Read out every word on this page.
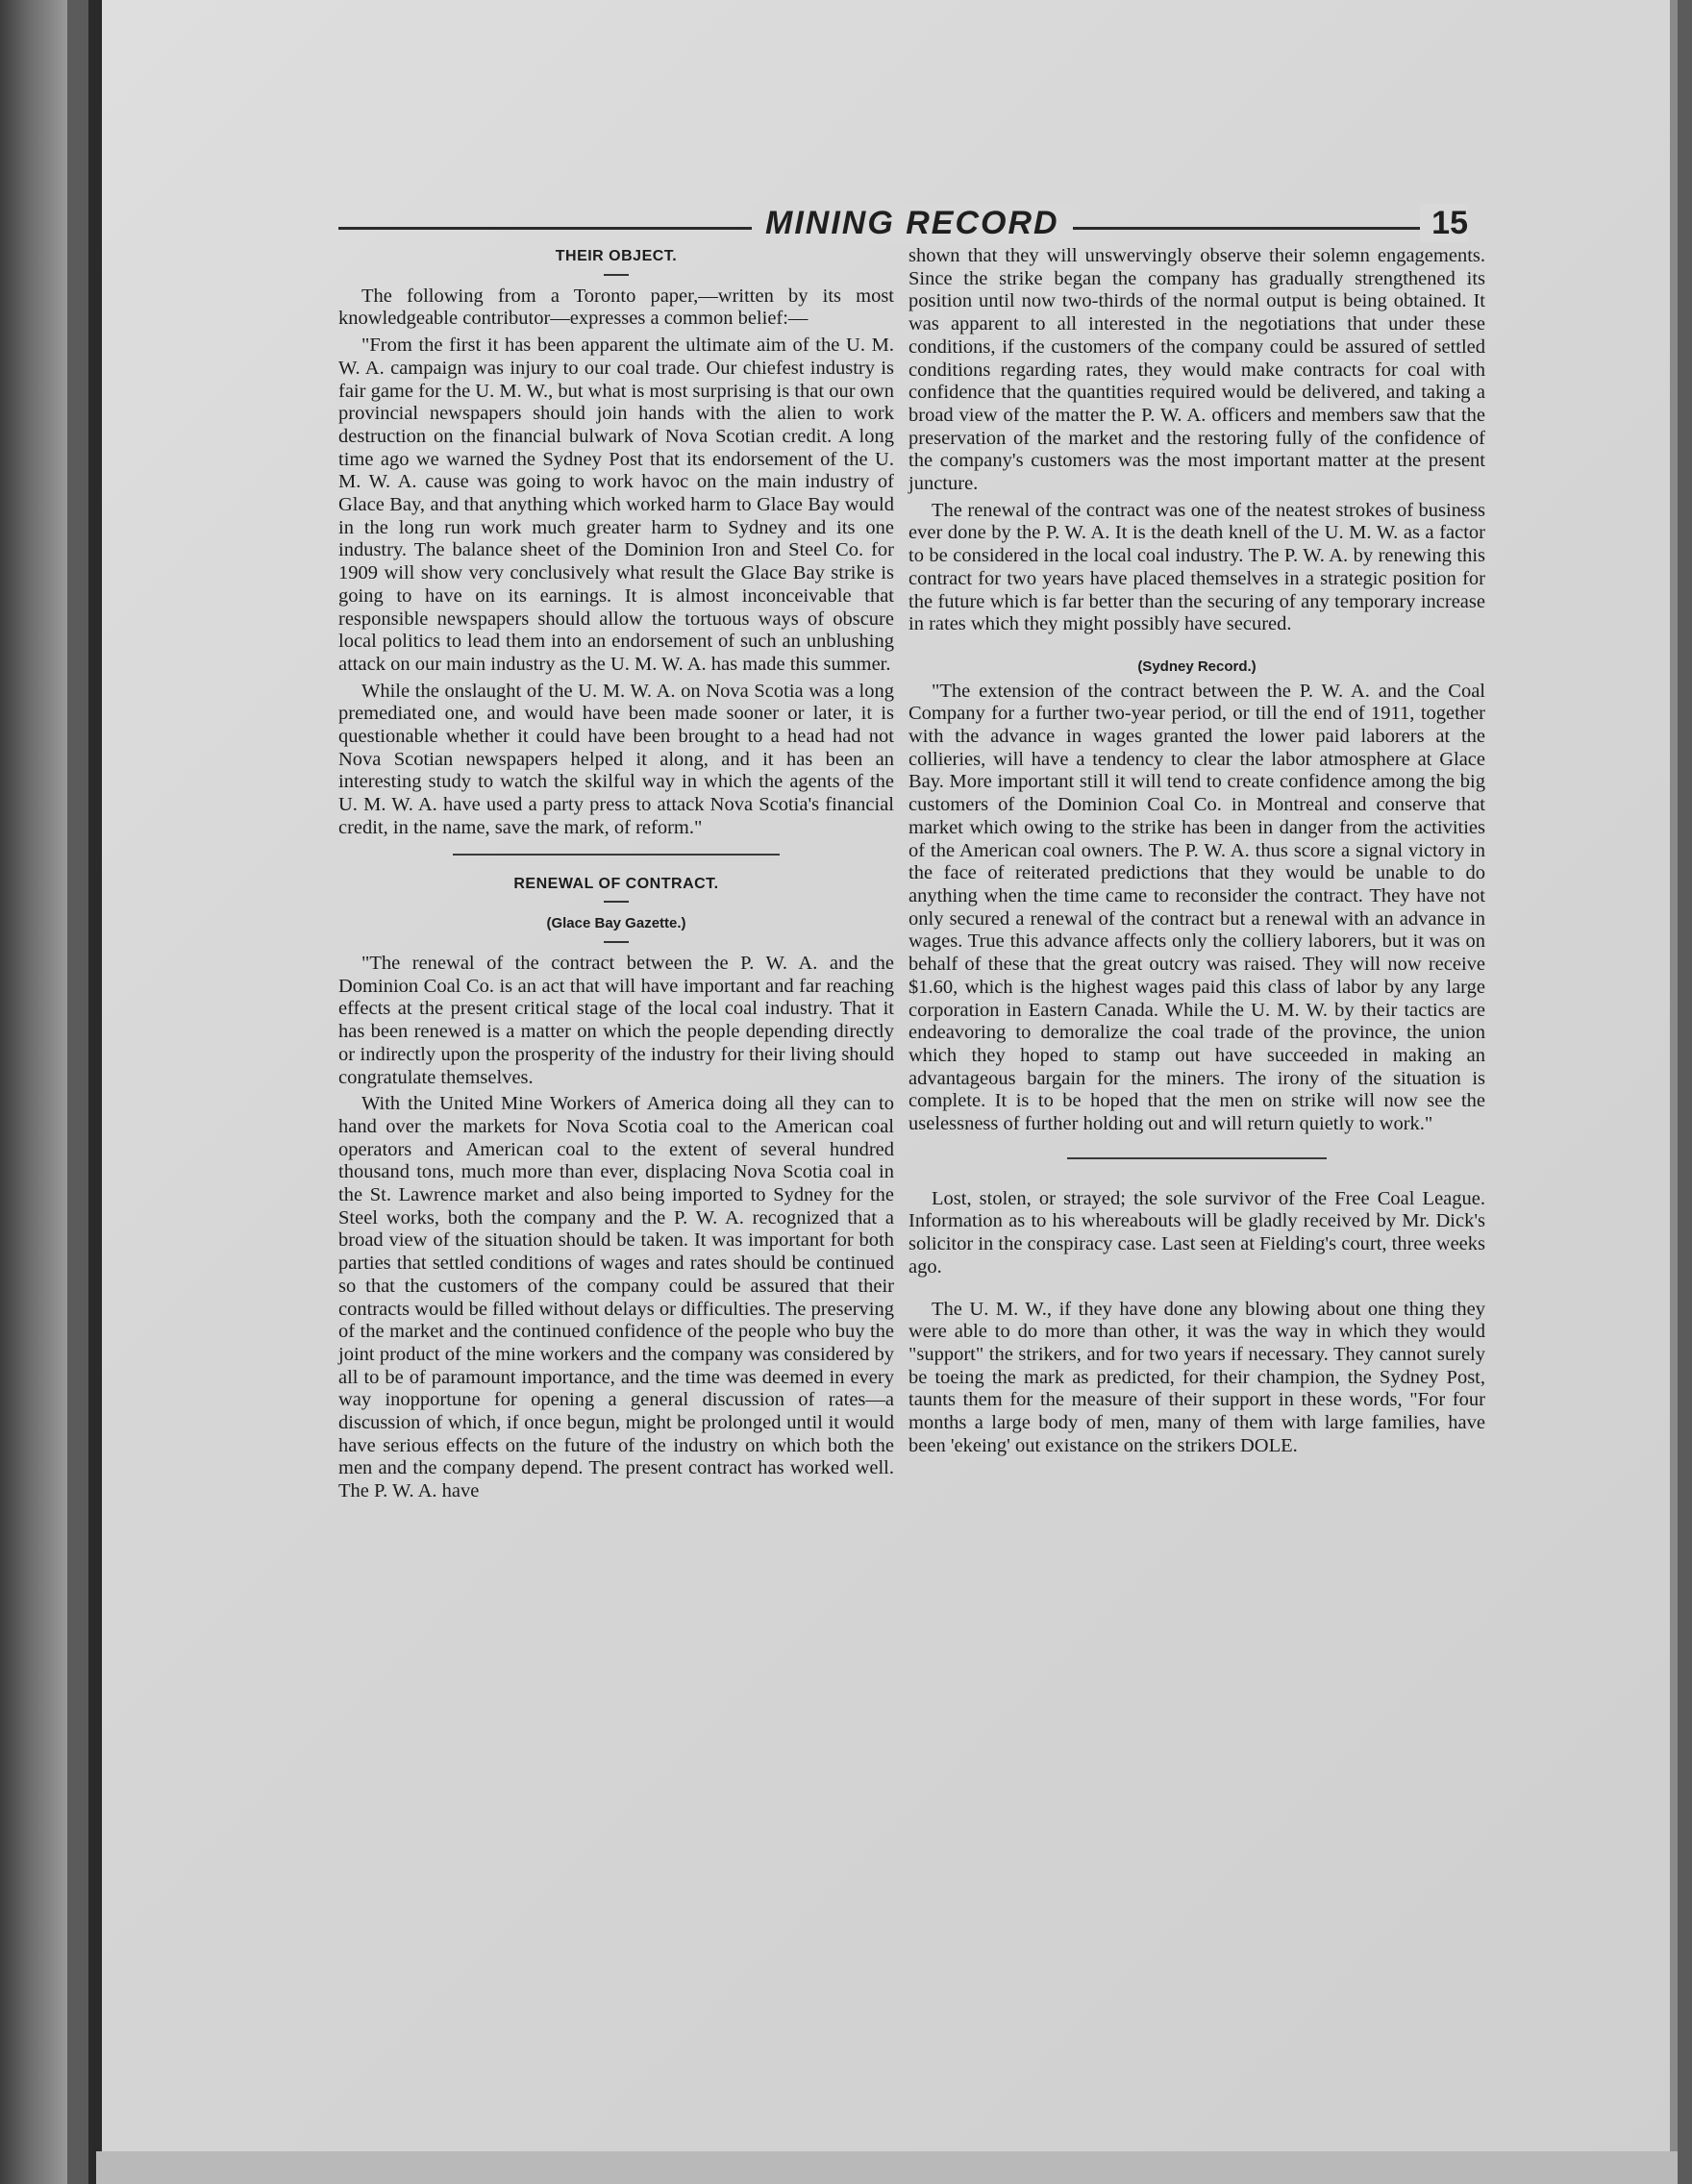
MINING RECORD	15
THEIR OBJECT.

The following from a Toronto paper,—written by its most knowledgeable contributor—expresses a common belief:—

"From the first it has been apparent the ultimate aim of the U. M. W. A. campaign was injury to our coal trade. Our chiefest industry is fair game for the U. M. W., but what is most surprising is that our own provincial newspapers should join hands with the alien to work destruction on the financial bulwark of Nova Scotian credit. A long time ago we warned the Sydney Post that its endorsement of the U. M. W. A. cause was going to work havoc on the main industry of Glace Bay, and that anything which worked harm to Glace Bay would in the long run work much greater harm to Sydney and its one industry. The balance sheet of the Dominion Iron and Steel Co. for 1909 will show very conclusively what result the Glace Bay strike is going to have on its earnings. It is almost inconceivable that responsible newspapers should allow the tortuous ways of obscure local politics to lead them into an endorsement of such an unblushing attack on our main industry as the U. M. W. A. has made this summer.

While the onslaught of the U. M. W. A. on Nova Scotia was a long premediated one, and would have been made sooner or later, it is questionable whether it could have been brought to a head had not Nova Scotian newspapers helped it along, and it has been an interesting study to watch the skilful way in which the agents of the U. M. W. A. have used a party press to attack Nova Scotia's financial credit, in the name, save the mark, of reform."

RENEWAL OF CONTRACT.
(Glace Bay Gazette.)

"The renewal of the contract between the P. W. A. and the Dominion Coal Co. is an act that will have important and far reaching effects at the present critical stage of the local coal industry. That it has been renewed is a matter on which the people depending directly or indirectly upon the prosperity of the industry for their living should congratulate themselves.

With the United Mine Workers of America doing all they can to hand over the markets for Nova Scotia coal to the American coal operators and American coal to the extent of several hundred thousand tons, much more than ever, displacing Nova Scotia coal in the St. Lawrence market and also being imported to Sydney for the Steel works, both the company and the P. W. A. recognized that a broad view of the situation should be taken. It was important for both parties that settled conditions of wages and rates should be continued so that the customers of the company could be assured that their contracts would be filled without delays or difficulties. The preserving of the market and the continued confidence of the people who buy the joint product of the mine workers and the company was considered by all to be of paramount importance, and the time was deemed in every way inopportune for opening a general discussion of rates—a discussion of which, if once begun, might be prolonged until it would have serious effects on the future of the industry on which both the men and the company depend. The present contract has worked well. The P. W. A. have

shown that they will unswervingly observe their solemn engagements. Since the strike began the company has gradually strengthened its position until now two-thirds of the normal output is being obtained. It was apparent to all interested in the negotiations that under these conditions, if the customers of the company could be assured of settled conditions regarding rates, they would make contracts for coal with confidence that the quantities required would be delivered, and taking a broad view of the matter the P. W. A. officers and members saw that the preservation of the market and the restoring fully of the confidence of the company's customers was the most important matter at the present juncture.

The renewal of the contract was one of the neatest strokes of business ever done by the P. W. A. It is the death knell of the U. M. W. as a factor to be considered in the local coal industry. The P. W. A. by renewing this contract for two years have placed themselves in a strategic position for the future which is far better than the securing of any temporary increase in rates which they might possibly have secured.

(Sydney Record.)

"The extension of the contract between the P. W. A. and the Coal Company for a further two-year period, or till the end of 1911, together with the advance in wages granted the lower paid laborers at the collieries, will have a tendency to clear the labor atmosphere at Glace Bay. More important still it will tend to create confidence among the big customers of the Dominion Coal Co. in Montreal and conserve that market which owing to the strike has been in danger from the activities of the American coal owners. The P. W. A. thus score a signal victory in the face of reiterated predictions that they would be unable to do anything when the time came to reconsider the contract. They have not only secured a renewal of the contract but a renewal with an advance in wages. True this advance affects only the colliery laborers, but it was on behalf of these that the great outcry was raised. They will now receive $1.60, which is the highest wages paid this class of labor by any large corporation in Eastern Canada. While the U. M. W. by their tactics are endeavoring to demoralize the coal trade of the province, the union which they hoped to stamp out have succeeded in making an advantageous bargain for the miners. The irony of the situation is complete. It is to be hoped that the men on strike will now see the uselessness of further holding out and will return quietly to work."

Lost, stolen, or strayed; the sole survivor of the Free Coal League. Information as to his whereabouts will be gladly received by Mr. Dick's solicitor in the conspiracy case. Last seen at Fielding's court, three weeks ago.

The U. M. W., if they have done any blowing about one thing they were able to do more than other, it was the way in which they would "support" the strikers, and for two years if necessary. They cannot surely be toeing the mark as predicted, for their champion, the Sydney Post, taunts them for the measure of their support in these words, "For four months a large body of men, many of them with large families, have been 'ekeing' out existance on the strikers DOLE.
